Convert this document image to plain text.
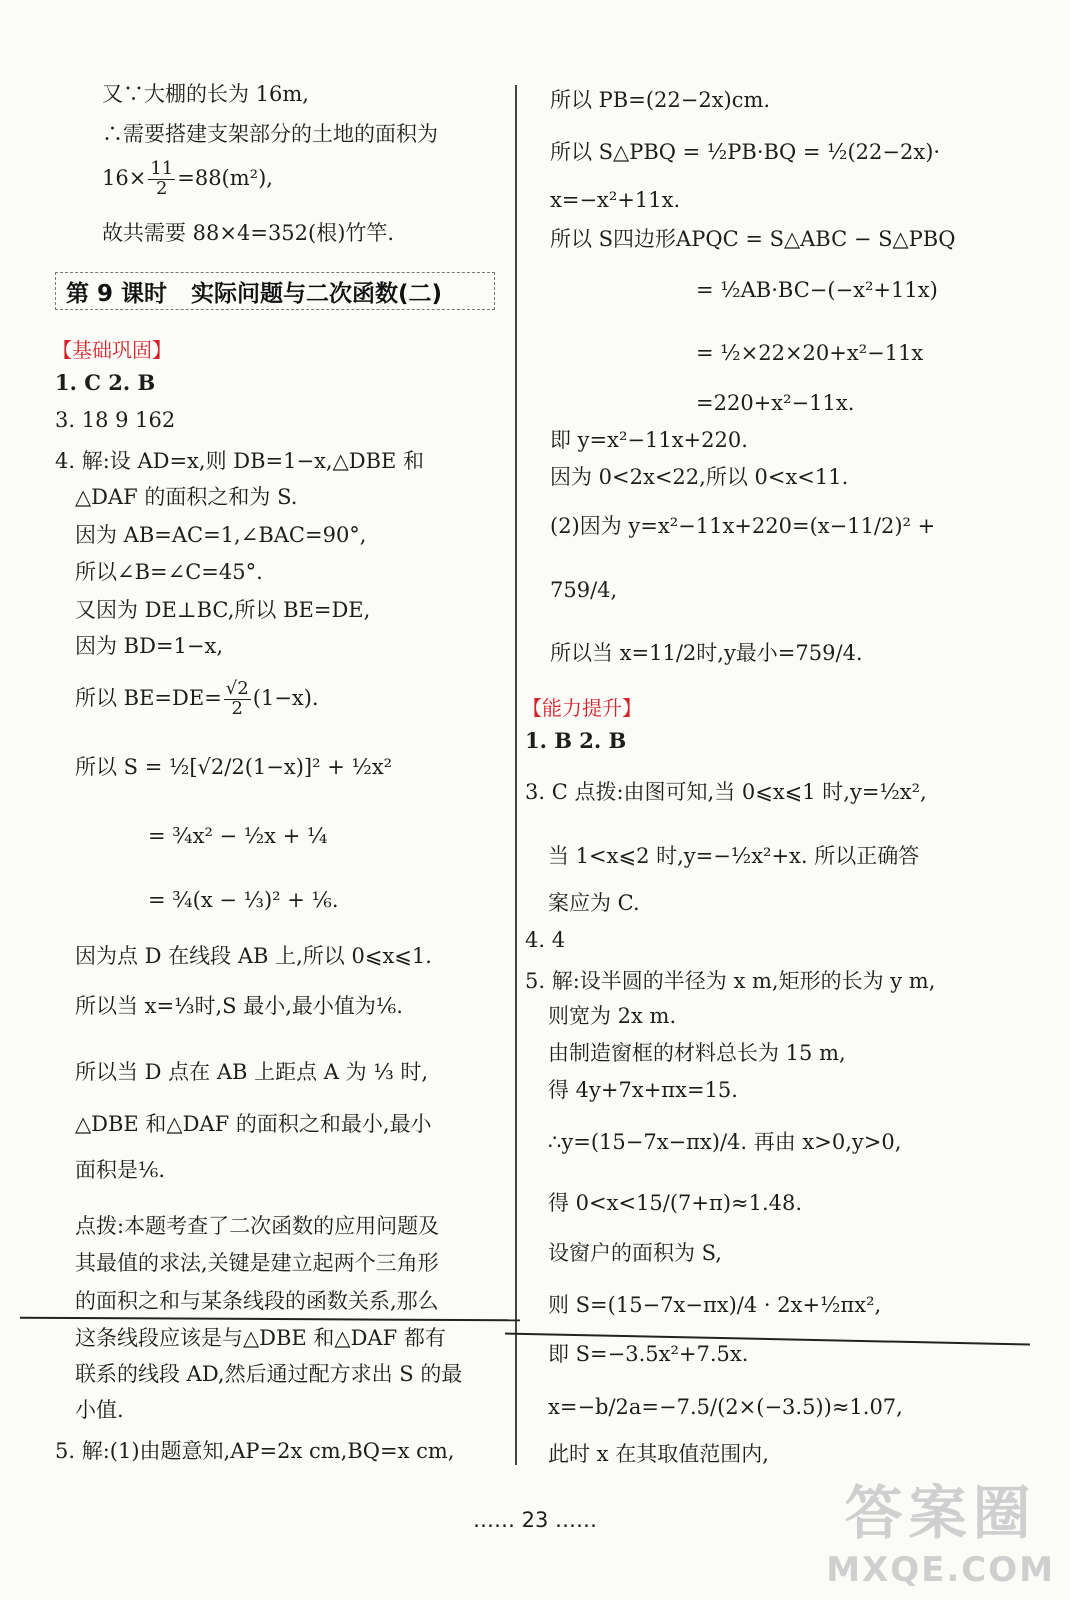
又∵大棚的长为 16m,
∴需要搭建支架部分的土地的面积为
$16\times \frac{11}{2} =88(m^2)$,
故共需要 88×4=352(根)竹竿.
第 9 课时 实际问题与二次函数(二)
【基础巩固】
1. C 2. B
3. 18 9 162
4. 解:设 AD=x,则 DB=1−x,△DBE 和
△DAF 的面积之和为 S.
因为 AB=AC=1,∠BAC=90°,
所以∠B=∠C=45°.
又因为 DE⊥BC,所以 BE=DE,
因为 BD=1−x,
所以 $BE=DE= \frac{√2}{2} (1-x)$.
所以 S = ½[√2/2(1−x)]² + ½x²
= ¾x² − ½x + ¼
= ¾(x − ⅓)² + ⅙.
因为点 D 在线段 AB 上,所以 0⩽x⩽1.
所以当 x=⅓时,S 最小,最小值为⅙.
所以当 D 点在 AB 上距点 A 为 ⅓ 时,
△DBE 和△DAF 的面积之和最小,最小
面积是⅙.
点拨:本题考查了二次函数的应用问题及
其最值的求法,关键是建立起两个三角形
的面积之和与某条线段的函数关系,那么
这条线段应该是与△DBE 和△DAF 都有
联系的线段 AD,然后通过配方求出 S 的最
小值.
5. 解:(1)由题意知,AP=2x cm,BQ=x cm,
所以 PB=(22−2x)cm.
所以 S△PBQ = ½PB·BQ = ½(22−2x)·
x=−x²+11x.
所以 S四边形APQC = S△ABC − S△PBQ
= ½AB·BC−(−x²+11x)
= ½×22×20+x²−11x
=220+x²−11x.
即 y=x²−11x+220.
因为 0<2x<22,所以 0<x<11.
(2)因为 y=x²−11x+220=(x−11/2)² +
759/4,
所以当 x=11/2时,y最小=759/4.
【能力提升】
1. B 2. B
3. C 点拨:由图可知,当 0⩽x⩽1 时,y=½x²,
当 1<x⩽2 时,y=−½x²+x. 所以正确答
案应为 C.
4. 4
5. 解:设半圆的半径为 x m,矩形的长为 y m,
则宽为 2x m.
由制造窗框的材料总长为 15 m,
得 4y+7x+πx=15.
∴y=(15−7x−πx)/4. 再由 x>0,y>0,
得 0<x<15/(7+π)≈1.48.
设窗户的面积为 S,
则 S=(15−7x−πx)/4 · 2x+½πx²,
即 S=−3.5x²+7.5x.
x=−b/2a=−7.5/(2×(−3.5))≈1.07,
此时 x 在其取值范围内,
…… 23 ……	答案圈
MXQE.COM
